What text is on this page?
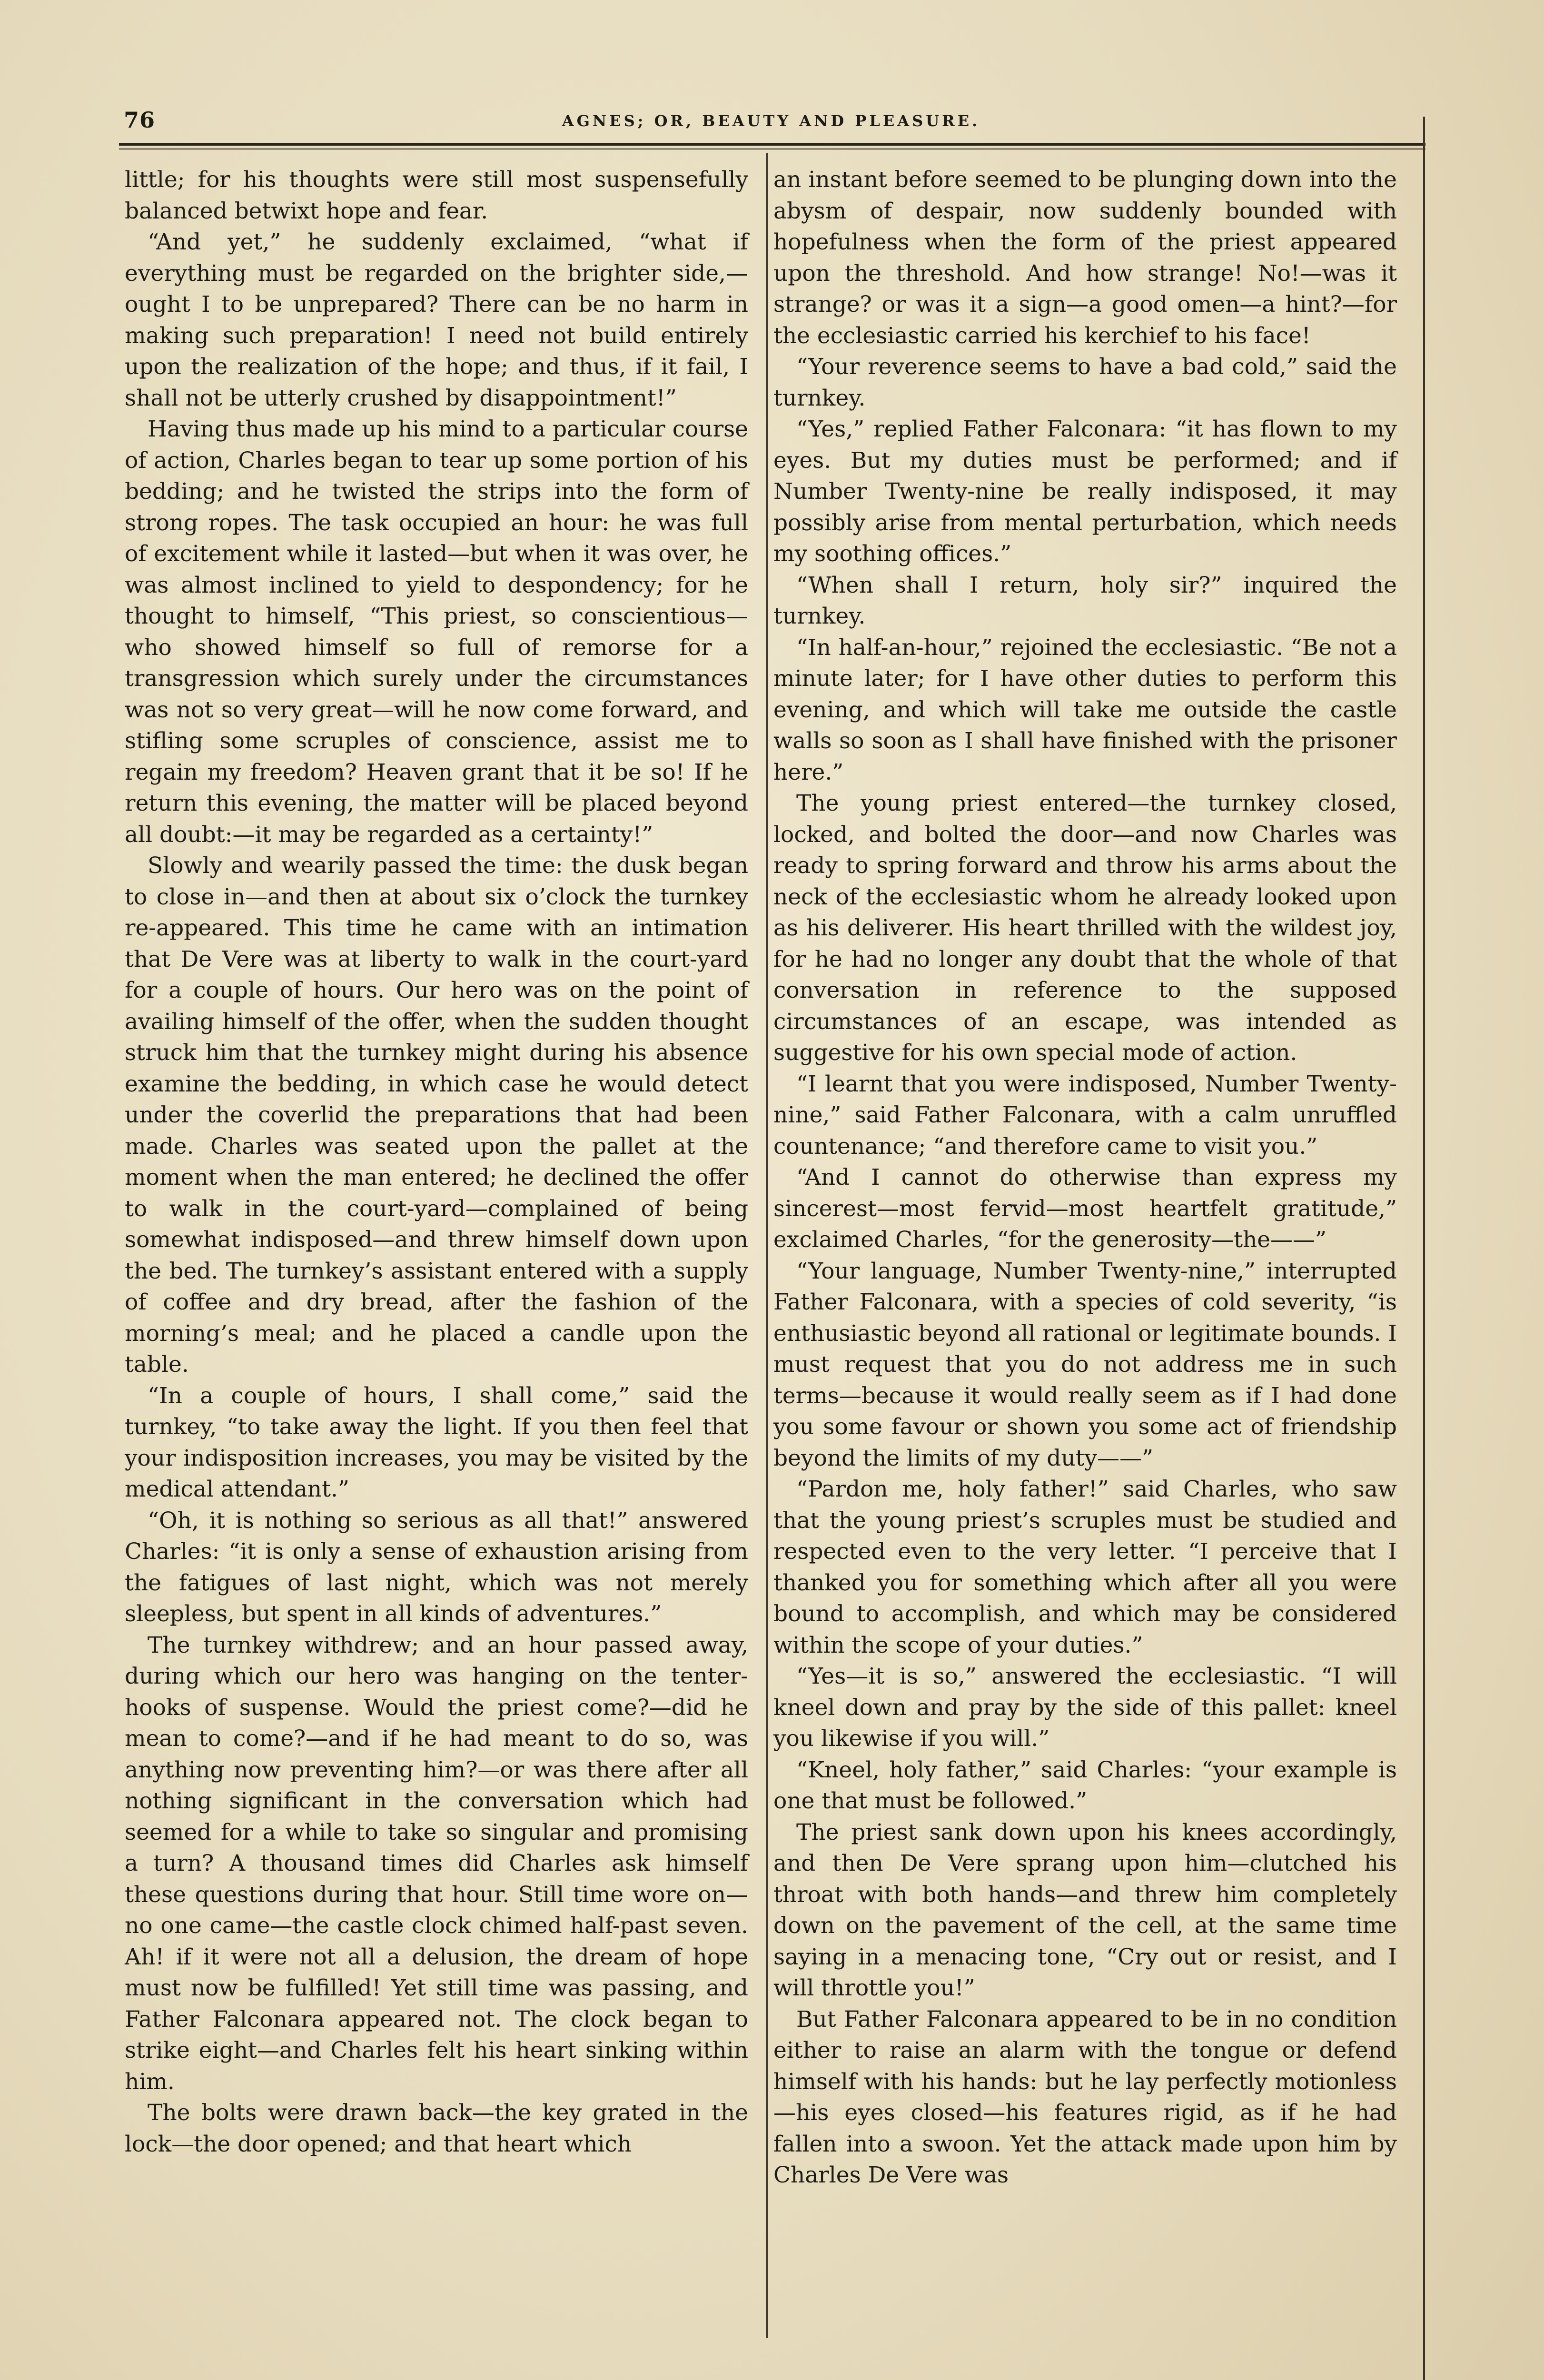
76	AGNES; OR, BEAUTY AND PLEASURE.

little; for his thoughts were still most suspensefully balanced betwixt hope and fear.

“And yet,” he suddenly exclaimed, “what if everything must be regarded on the brighter side,—ought I to be unprepared? There can be no harm in making such preparation! I need not build entirely upon the realization of the hope; and thus, if it fail, I shall not be utterly crushed by disappointment!”

Having thus made up his mind to a particular course of action, Charles began to tear up some portion of his bedding; and he twisted the strips into the form of strong ropes. The task occupied an hour: he was full of excitement while it lasted—but when it was over, he was almost inclined to yield to despondency; for he thought to himself, “This priest, so conscientious—who showed himself so full of remorse for a transgression which surely under the circumstances was not so very great—will he now come forward, and stifling some scruples of conscience, assist me to regain my freedom? Heaven grant that it be so! If he return this evening, the matter will be placed beyond all doubt:—it may be regarded as a certainty!”

Slowly and wearily passed the time: the dusk began to close in—and then at about six o’clock the turnkey re-appeared. This time he came with an intimation that De Vere was at liberty to walk in the court-yard for a couple of hours. Our hero was on the point of availing himself of the offer, when the sudden thought struck him that the turnkey might during his absence examine the bedding, in which case he would detect under the coverlid the preparations that had been made. Charles was seated upon the pallet at the moment when the man entered; he declined the offer to walk in the court-yard—complained of being somewhat indisposed—and threw himself down upon the bed. The turnkey’s assistant entered with a supply of coffee and dry bread, after the fashion of the morning’s meal; and he placed a candle upon the table.

“In a couple of hours, I shall come,” said the turnkey, “to take away the light. If you then feel that your indisposition increases, you may be visited by the medical attendant.”

“Oh, it is nothing so serious as all that!” answered Charles: “it is only a sense of exhaustion arising from the fatigues of last night, which was not merely sleepless, but spent in all kinds of adventures.”

The turnkey withdrew; and an hour passed away, during which our hero was hanging on the tenter-hooks of suspense. Would the priest come?—did he mean to come?—and if he had meant to do so, was anything now preventing him?—or was there after all nothing significant in the conversation which had seemed for a while to take so singular and promising a turn? A thousand times did Charles ask himself these questions during that hour. Still time wore on—no one came—the castle clock chimed half-past seven. Ah! if it were not all a delusion, the dream of hope must now be fulfilled! Yet still time was passing, and Father Falconara appeared not. The clock began to strike eight—and Charles felt his heart sinking within him.

The bolts were drawn back—the key grated in the lock—the door opened; and that heart which

an instant before seemed to be plunging down into the abysm of despair, now suddenly bounded with hopefulness when the form of the priest appeared upon the threshold. And how strange! No!—was it strange? or was it a sign—a good omen—a hint?—for the ecclesiastic carried his kerchief to his face!

“Your reverence seems to have a bad cold,” said the turnkey.

“Yes,” replied Father Falconara: “it has flown to my eyes. But my duties must be performed; and if Number Twenty-nine be really indisposed, it may possibly arise from mental perturbation, which needs my soothing offices.”

“When shall I return, holy sir?” inquired the turnkey.

“In half-an-hour,” rejoined the ecclesiastic. “Be not a minute later; for I have other duties to perform this evening, and which will take me outside the castle walls so soon as I shall have finished with the prisoner here.”

The young priest entered—the turnkey closed, locked, and bolted the door—and now Charles was ready to spring forward and throw his arms about the neck of the ecclesiastic whom he already looked upon as his deliverer. His heart thrilled with the wildest joy, for he had no longer any doubt that the whole of that conversation in reference to the supposed circumstances of an escape, was intended as suggestive for his own special mode of action.

“I learnt that you were indisposed, Number Twenty-nine,” said Father Falconara, with a calm unruffled countenance; “and therefore came to visit you.”

“And I cannot do otherwise than express my sincerest—most fervid—most heartfelt gratitude,” exclaimed Charles, “for the generosity—the——”

“Your language, Number Twenty-nine,” interrupted Father Falconara, with a species of cold severity, “is enthusiastic beyond all rational or legitimate bounds. I must request that you do not address me in such terms—because it would really seem as if I had done you some favour or shown you some act of friendship beyond the limits of my duty——”

“Pardon me, holy father!” said Charles, who saw that the young priest’s scruples must be studied and respected even to the very letter. “I perceive that I thanked you for something which after all you were bound to accomplish, and which may be considered within the scope of your duties.”

“Yes—it is so,” answered the ecclesiastic. “I will kneel down and pray by the side of this pallet: kneel you likewise if you will.”

“Kneel, holy father,” said Charles: “your example is one that must be followed.”

The priest sank down upon his knees accordingly, and then De Vere sprang upon him—clutched his throat with both hands—and threw him completely down on the pavement of the cell, at the same time saying in a menacing tone, “Cry out or resist, and I will throttle you!”

But Father Falconara appeared to be in no condition either to raise an alarm with the tongue or defend himself with his hands: but he lay perfectly motionless—his eyes closed—his features rigid, as if he had fallen into a swoon. Yet the attack made upon him by Charles De Vere was
